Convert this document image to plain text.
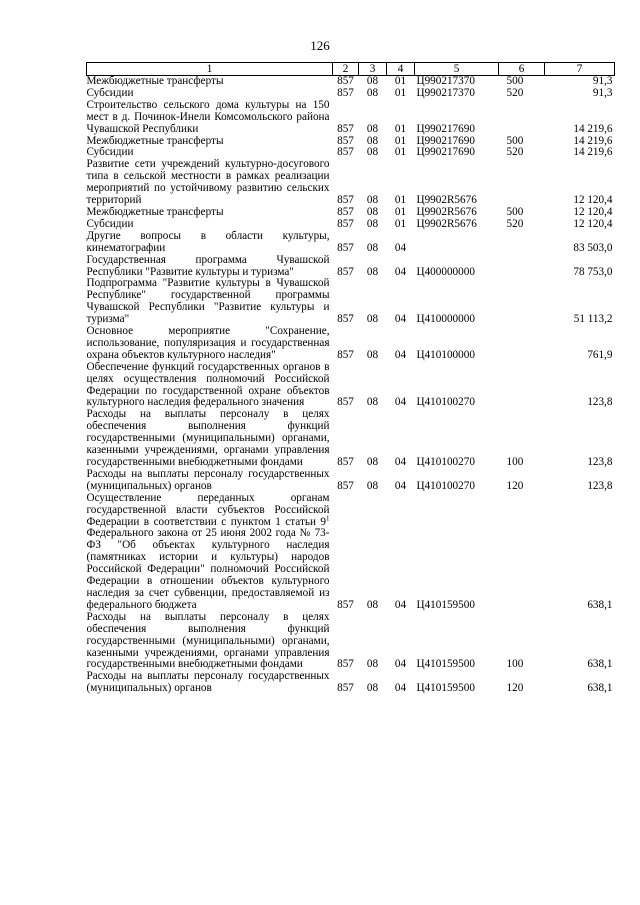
126
1	2	3	4	5	6	7
Межбюджетные трансферты	857	08	01	Ц990217370	500	91,3
Субсидии	857	08	01	Ц990217370	520	91,3
Строительство сельского дома культуры на 150 мест в д. Починок-Инели Комсомольского района Чувашской Республики	857	08	01	Ц990217690		14 219,6
Межбюджетные трансферты	857	08	01	Ц990217690	500	14 219,6
Субсидии	857	08	01	Ц990217690	520	14 219,6
Развитие сети учреждений культурно-досугового типа в сельской местности в рамках реализации мероприятий по устойчивому развитию сельских территорий	857	08	01	Ц9902R5676		12 120,4
Межбюджетные трансферты	857	08	01	Ц9902R5676	500	12 120,4
Субсидии	857	08	01	Ц9902R5676	520	12 120,4
Другие вопросы в области культуры, кинематографии	857	08	04			83 503,0
Государственная программа Чувашской Республики "Развитие культуры и туризма"	857	08	04	Ц400000000		78 753,0
Подпрограмма "Развитие культуры в Чувашской Республике" государственной программы Чувашской Республики "Развитие культуры и туризма"	857	08	04	Ц410000000		51 113,2
Основное мероприятие "Сохранение, использование, популяризация и государственная охрана объектов культурного наследия"	857	08	04	Ц410100000		761,9
Обеспечение функций государственных органов в целях осуществления полномочий Российской Федерации по государственной охране объектов культурного наследия федерального значения	857	08	04	Ц410100270		123,8
Расходы на выплаты персоналу в целях обеспечения выполнения функций государственными (муниципальными) органами, казенными учреждениями, органами управления государственными внебюджетными фондами	857	08	04	Ц410100270	100	123,8
Расходы на выплаты персоналу государственных (муниципальных) органов	857	08	04	Ц410100270	120	123,8
Осуществление переданных органам государственной власти субъектов Российской Федерации в соответствии с пунктом 1 статьи $9^1$ Федерального закона от 25 июня 2002 года № 73-ФЗ "Об объектах культурного наследия (памятниках истории и культуры) народов Российской Федерации" полномочий Российской Федерации в отношении объектов культурного наследия за счет субвенции, предоставляемой из федерального бюджета	857	08	04	Ц410159500		638,1
Расходы на выплаты персоналу в целях обеспечения выполнения функций государственными (муниципальными) органами, казенными учреждениями, органами управления государственными внебюджетными фондами	857	08	04	Ц410159500	100	638,1
Расходы на выплаты персоналу государственных (муниципальных) органов	857	08	04	Ц410159500	120	638,1
